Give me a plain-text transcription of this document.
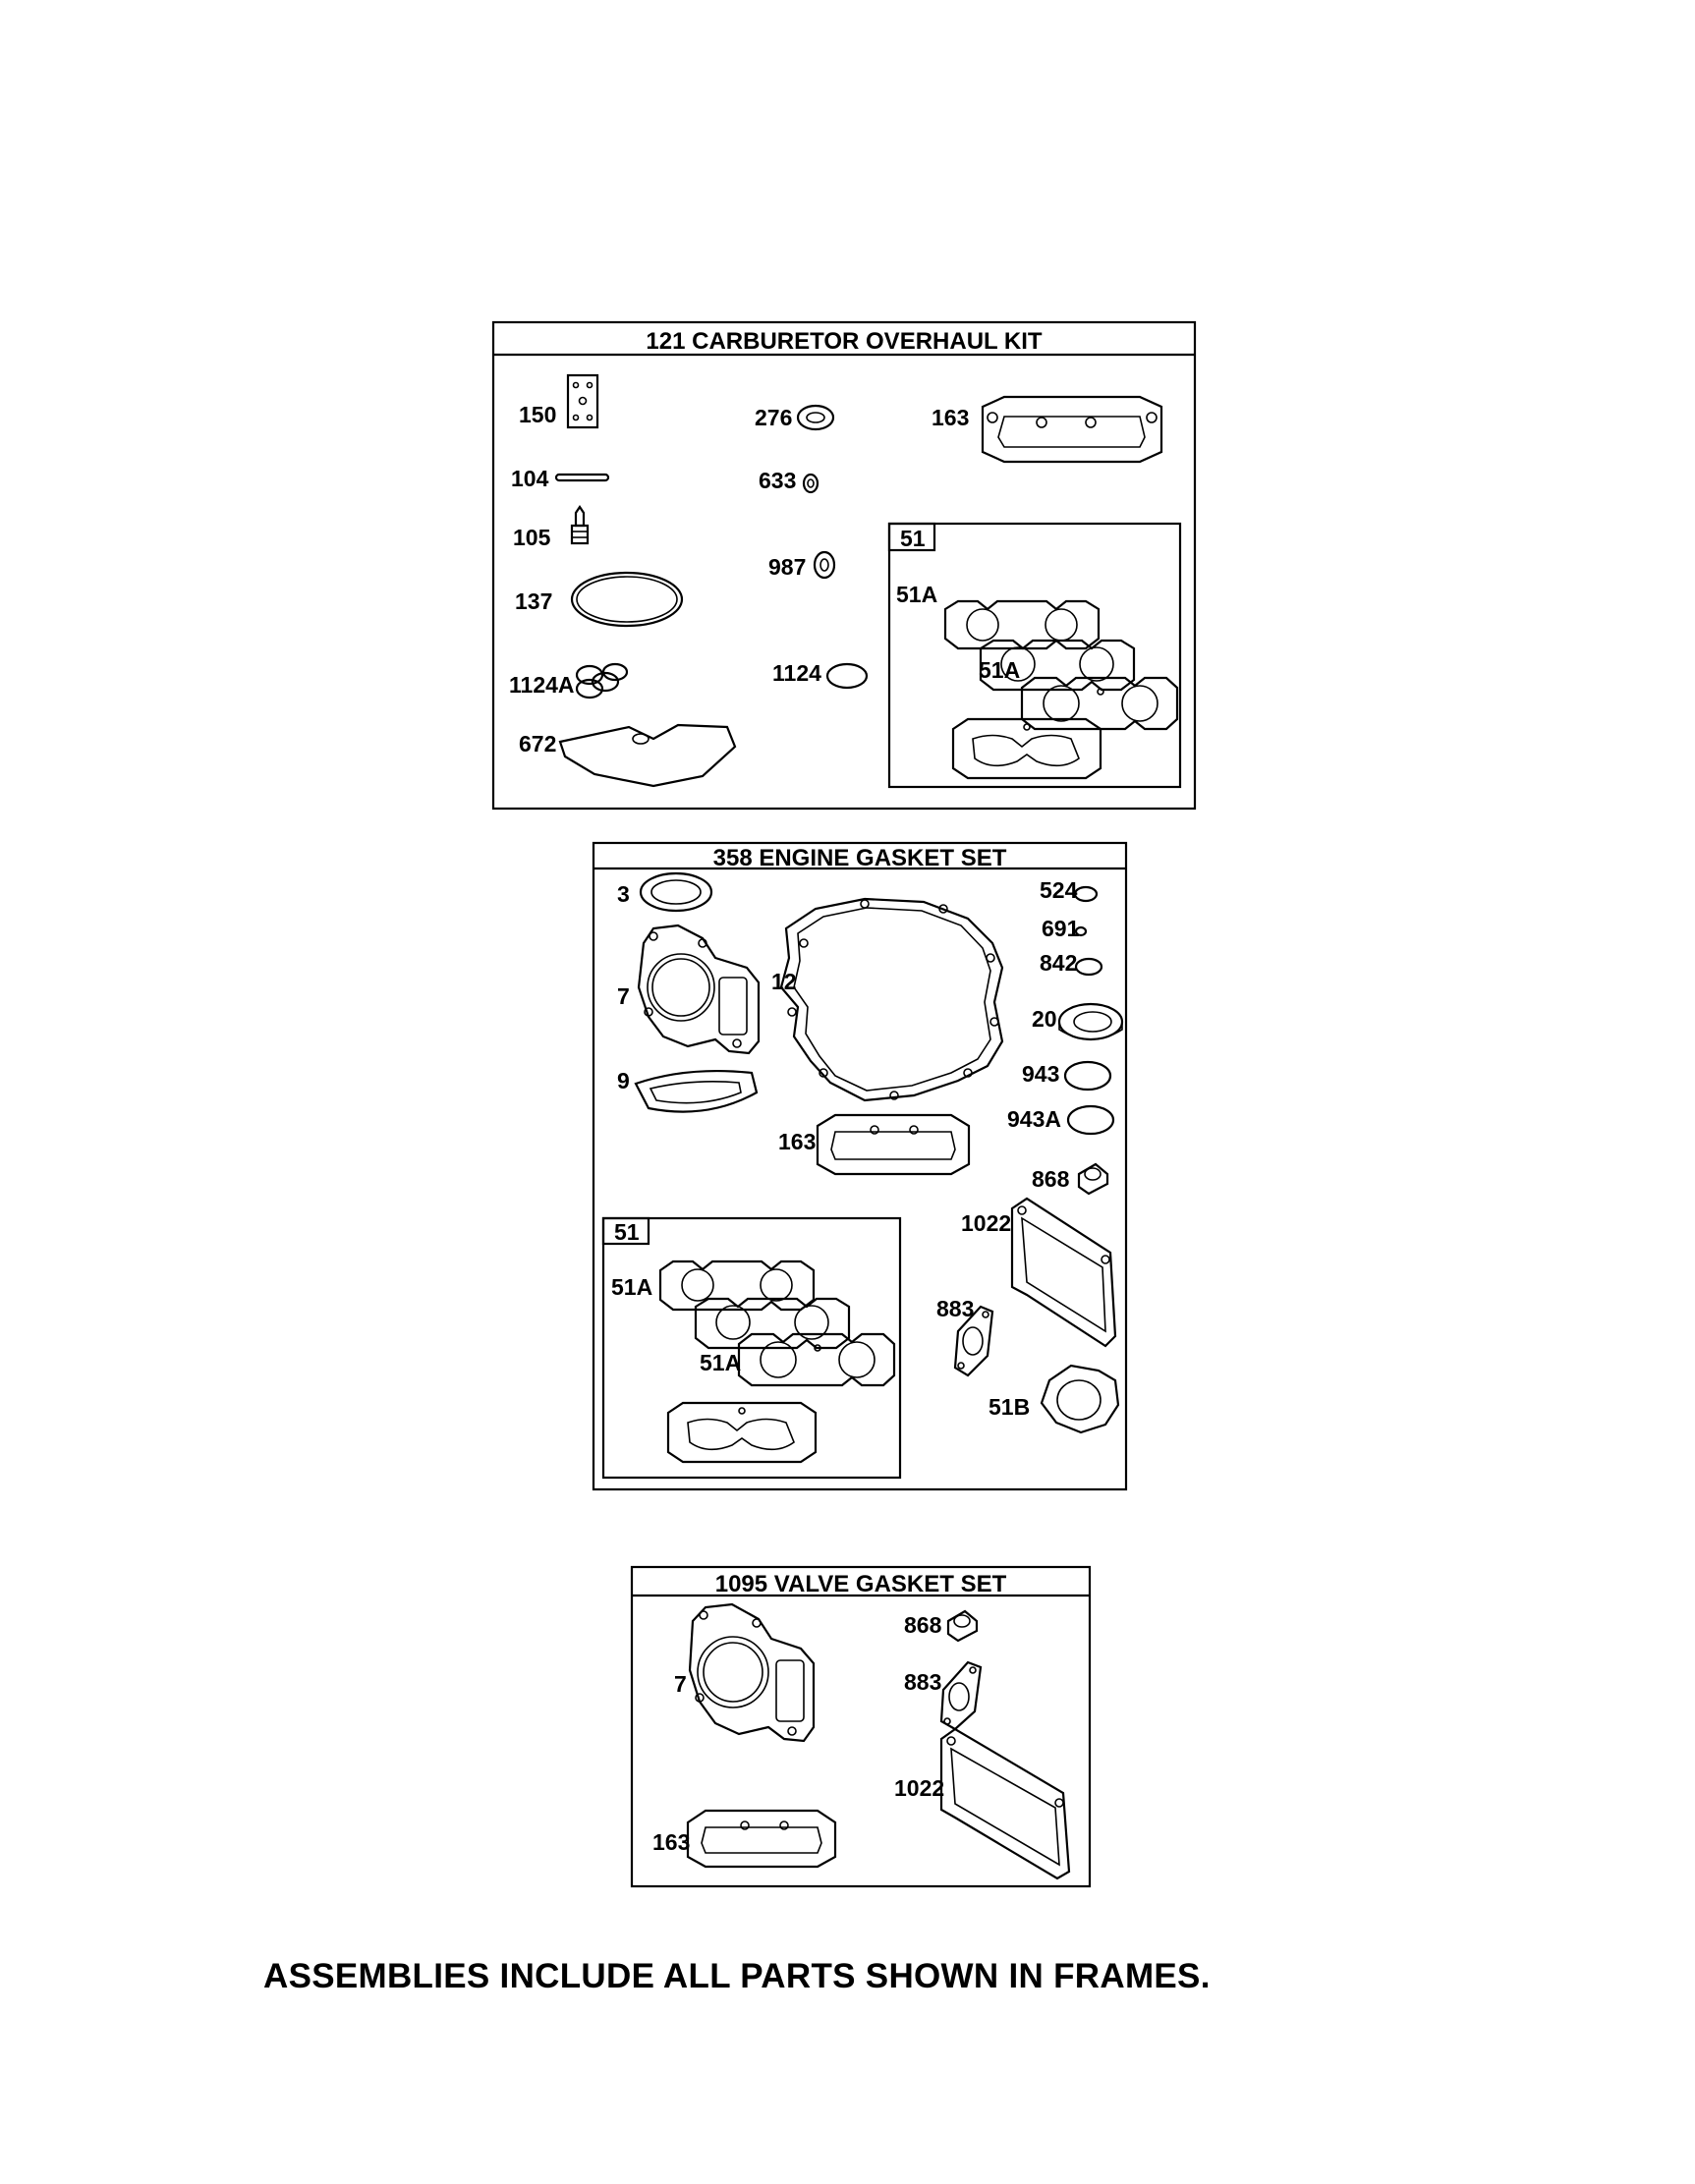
121 CARBURETOR OVERHAUL KIT
150
104
105
137
1124A
672
276
633
987
1124
163
51
51A
51A
358 ENGINE GASKET SET
3
7
9
12
163
524
691
842
20
943
943A
868
1022
883
51B
51
51A
51A
1095 VALVE GASKET SET
7
163
868
883
1022
ASSEMBLIES INCLUDE ALL PARTS SHOWN IN FRAMES.
